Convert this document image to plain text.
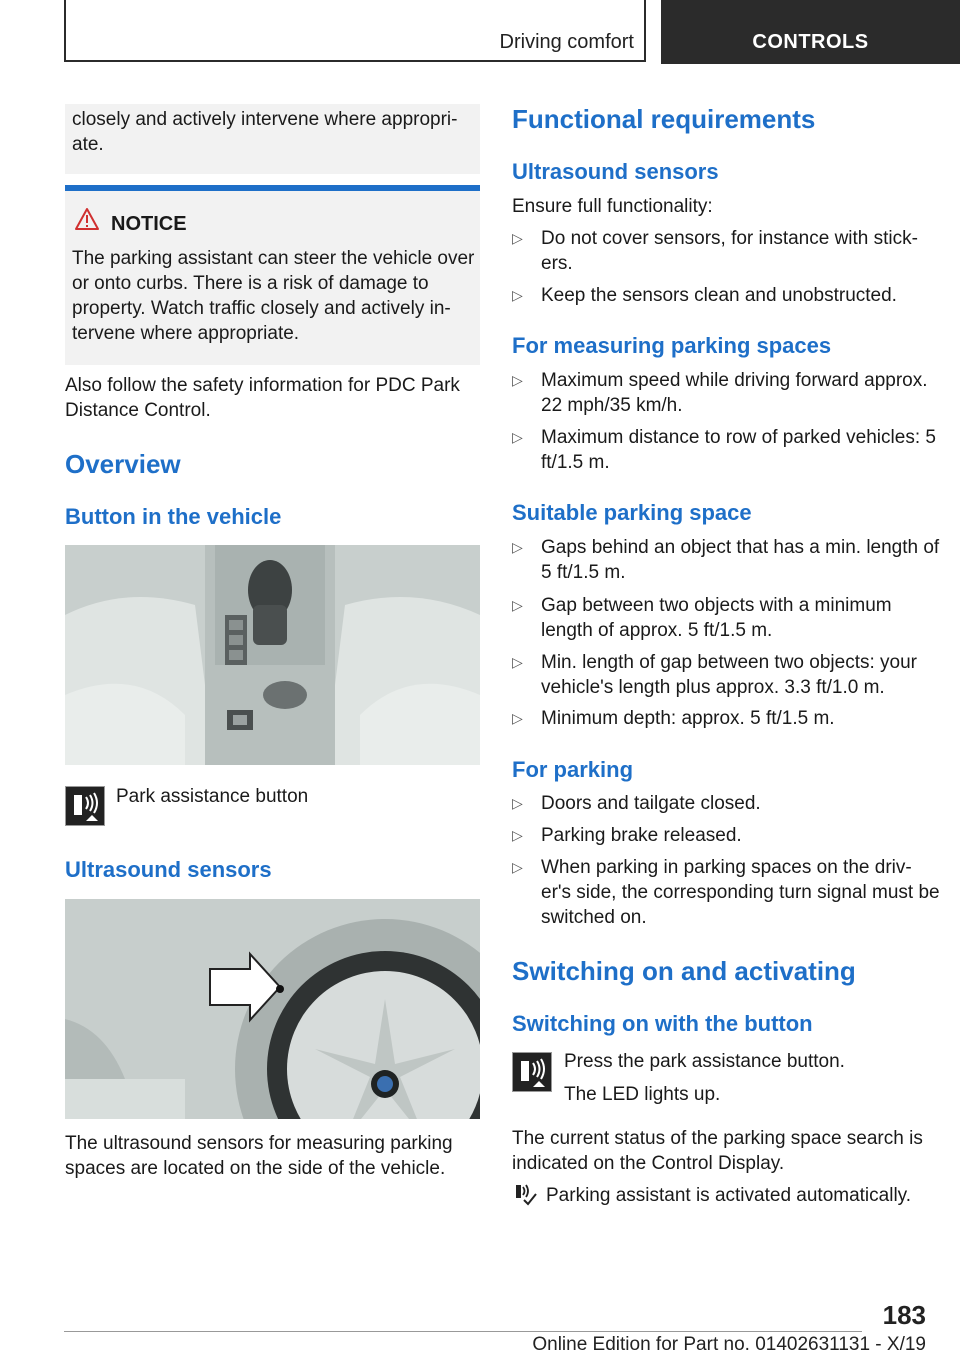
Driving comfort	CONTROLS
closely and actively intervene where appropri‐ate.
NOTICE
The parking assistant can steer the vehicle over or onto curbs. There is a risk of damage to property. Watch traffic closely and actively in‐tervene where appropriate.
Also follow the safety information for PDC Park Distance Control.
Overview
Button in the vehicle
Park assistance button
Ultrasound sensors
The ultrasound sensors for measuring parking spaces are located on the side of the vehicle.
Functional requirements
Ultrasound sensors
Ensure full functionality:
▷ Do not cover sensors, for instance with stick‐ers.
▷ Keep the sensors clean and unobstructed.
For measuring parking spaces
▷ Maximum speed while driving forward approx. 22 mph/35 km/h.
▷ Maximum distance to row of parked vehicles: 5 ft/1.5 m.
Suitable parking space
▷ Gaps behind an object that has a min. length of 5 ft/1.5 m.
▷ Gap between two objects with a minimum length of approx. 5 ft/1.5 m.
▷ Min. length of gap between two objects: your vehicle's length plus approx. 3.3 ft/1.0 m.
▷ Minimum depth: approx. 5 ft/1.5 m.
For parking
▷ Doors and tailgate closed.
▷ Parking brake released.
▷ When parking in parking spaces on the driv‐er's side, the corresponding turn signal must be switched on.
Switching on and activating
Switching on with the button
Press the park assistance button.
The LED lights up.
The current status of the parking space search is indicated on the Control Display.
Parking assistant is activated automatically.
183
Online Edition for Part no. 01402631131 - X/19
